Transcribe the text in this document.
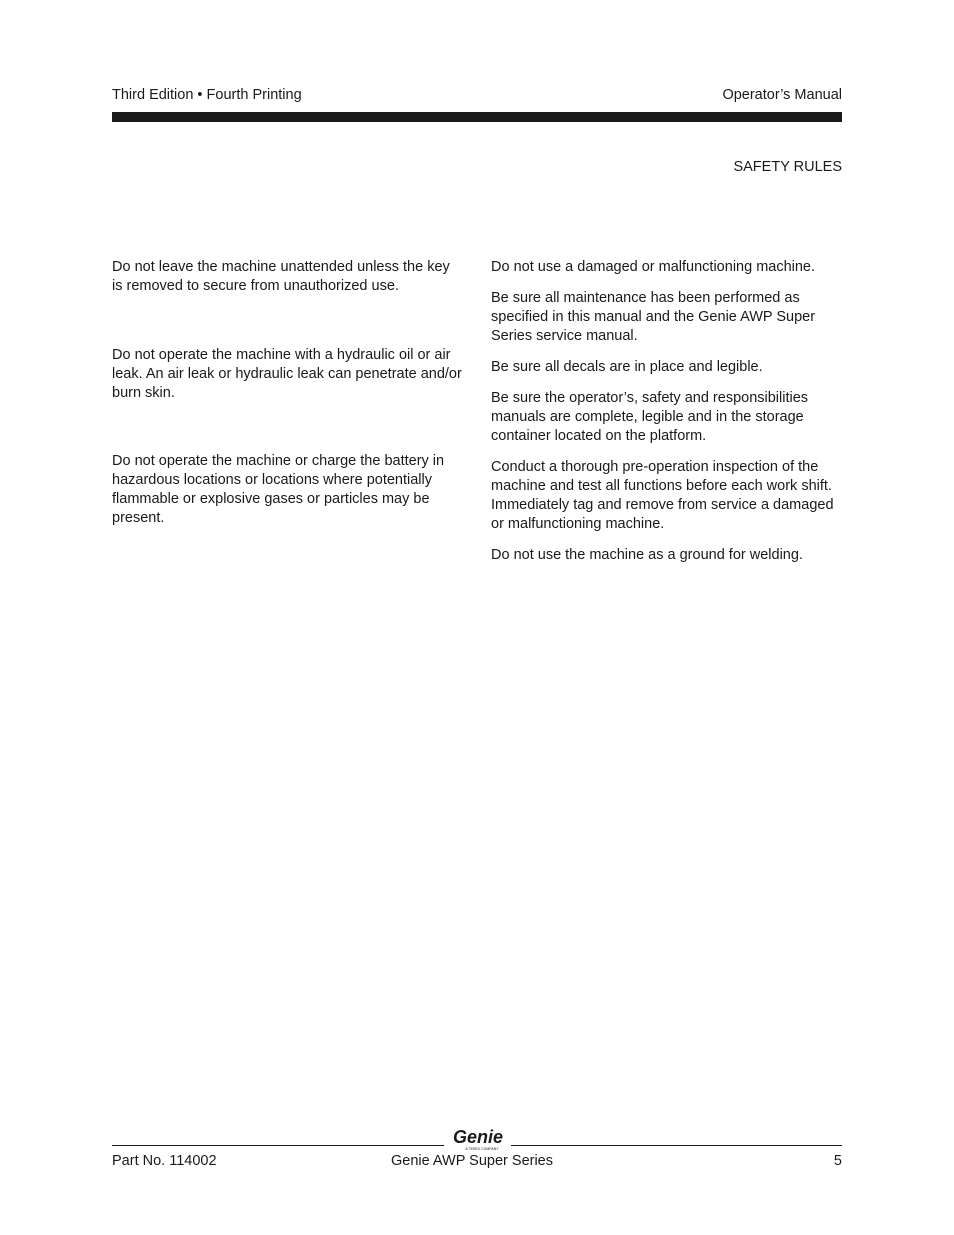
Third Edition • Fourth Printing	Operator’s Manual
SAFETY RULES

Do not leave the machine unattended unless the key is removed to secure from unauthorized use.

Do not operate the machine with a hydraulic oil or air leak. An air leak or hydraulic leak can penetrate and/or burn skin.

Do not operate the machine or charge the battery in hazardous locations or locations where potentially flammable or explosive gases or particles may be present.

Do not use a damaged or malfunctioning machine.

Be sure all maintenance has been performed as specified in this manual and the Genie AWP Super Series service manual.

Be sure all decals are in place and legible.

Be sure the operator’s, safety and responsibilities manuals are complete, legible and in the storage container located on the platform.

Conduct a thorough pre-operation inspection of the machine and test all functions before each work shift. Immediately tag and remove from service a damaged or malfunctioning machine.

Do not use the machine as a ground for welding.

Genie
A TEREX COMPANY
Part No. 114002	Genie AWP Super Series	5
